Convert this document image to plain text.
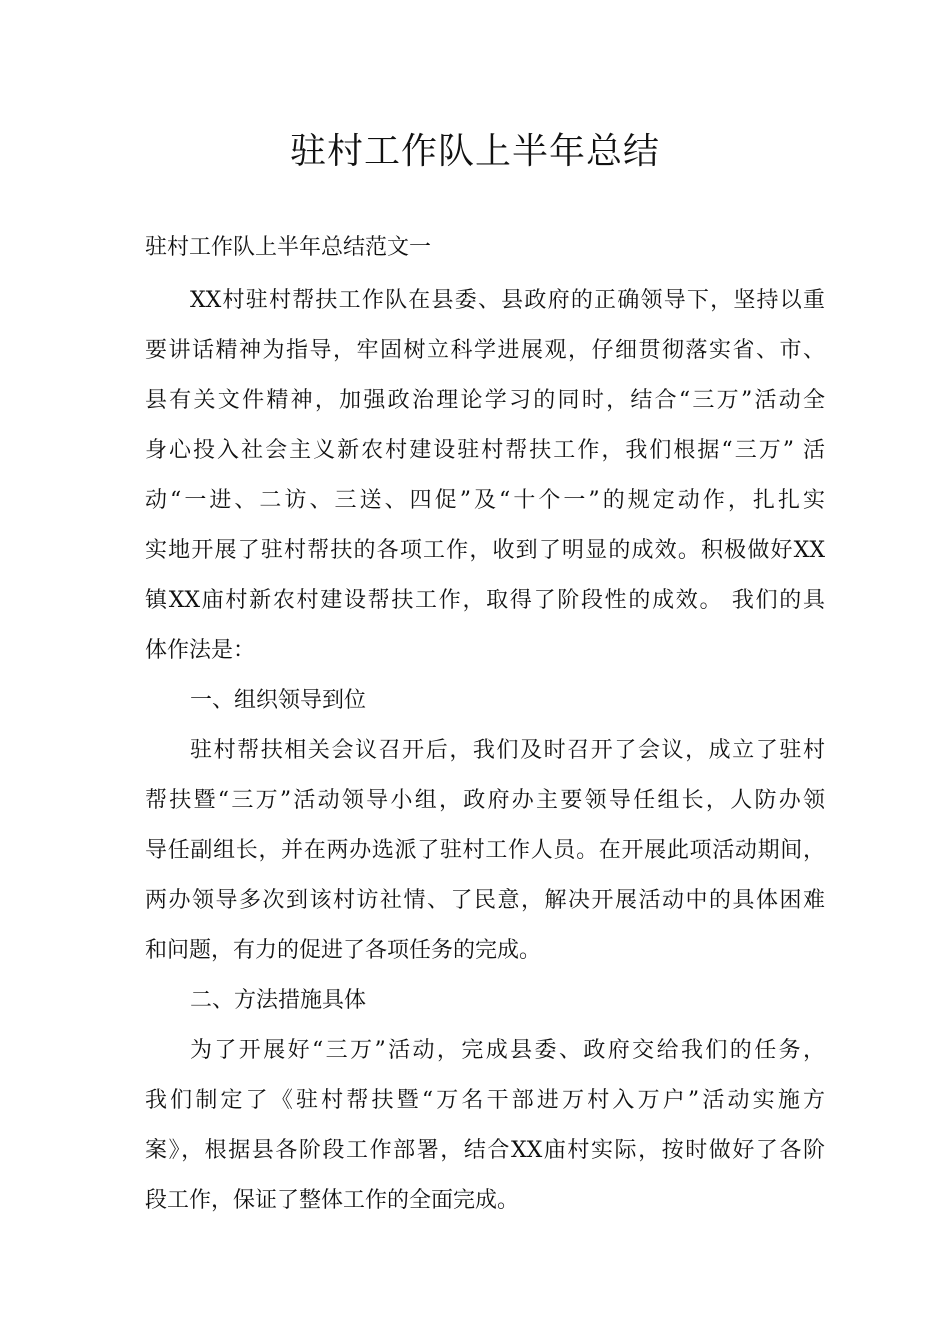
驻村工作队上半年总结
驻村工作队上半年总结范文一
XX村驻村帮扶工作队在县委、县政府的正确领导下，坚持以重
要讲话精神为指导，牢固树立科学进展观，仔细贯彻落实省、市、
县有关文件精神，加强政治理论学习的同时，结合“三万”活动全
身心投入社会主义新农村建设驻村帮扶工作，我们根据“三万” 活
动“一进、二访、三送、四促”及“十个一”的规定动作，扎扎实
实地开展了驻村帮扶的各项工作，收到了明显的成效。积极做好XX
镇XX庙村新农村建设帮扶工作，取得了阶段性的成效。 我们的具
体作法是：
一、组织领导到位
驻村帮扶相关会议召开后，我们及时召开了会议，成立了驻村
帮扶暨“三万”活动领导小组，政府办主要领导任组长，人防办领
导任副组长，并在两办选派了驻村工作人员。在开展此项活动期间，
两办领导多次到该村访社情、了民意，解决开展活动中的具体困难
和问题，有力的促进了各项任务的完成。
二、方法措施具体
为了开展好“三万”活动，完成县委、政府交给我们的任务，
我们制定了《驻村帮扶暨“万名干部进万村入万户”活动实施方
案》，根据县各阶段工作部署，结合XX庙村实际，按时做好了各阶
段工作，保证了整体工作的全面完成。
